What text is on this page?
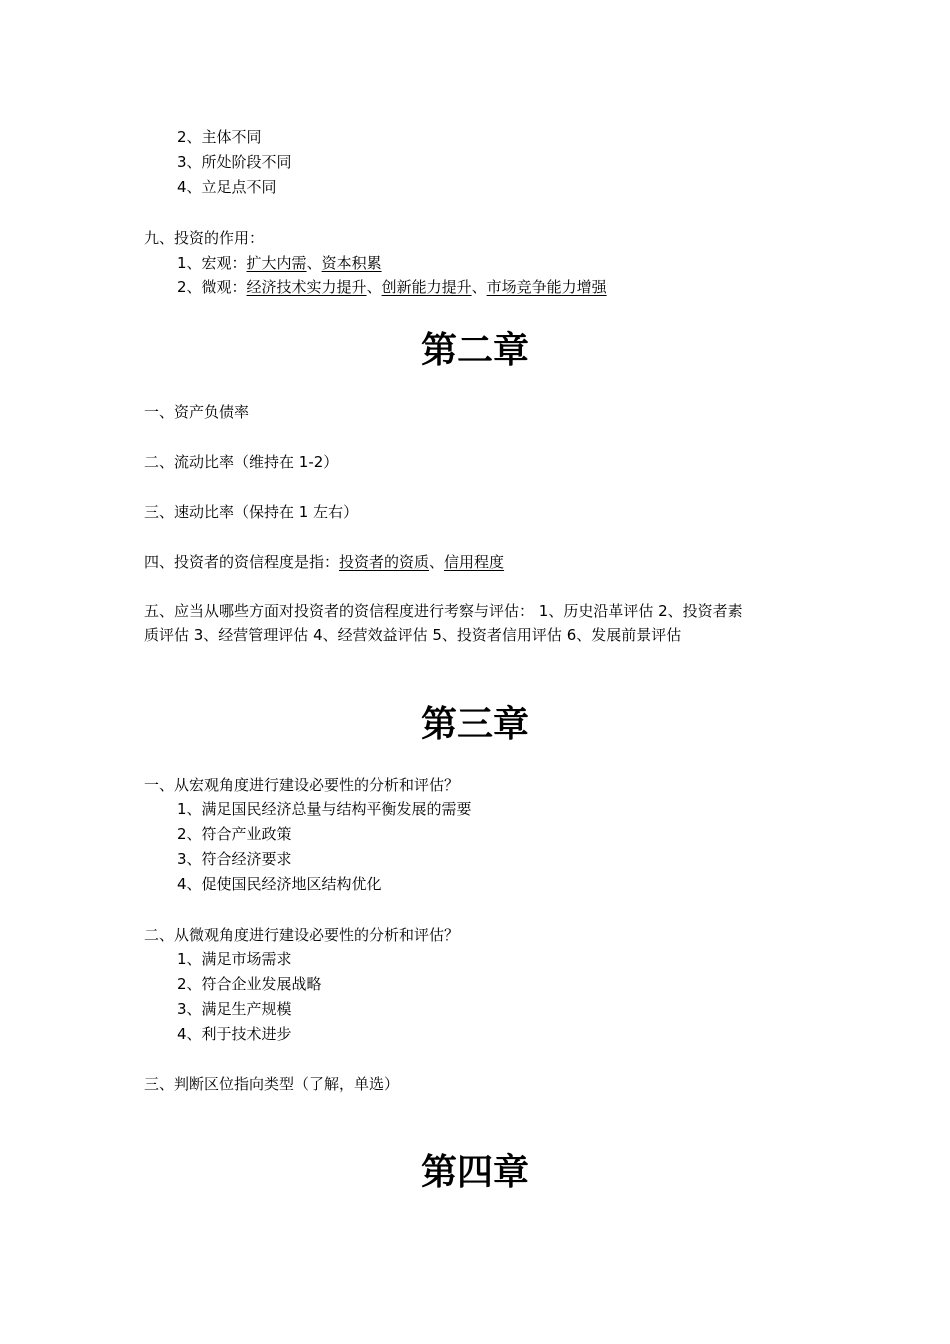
2、主体不同
3、所处阶段不同
4、立足点不同
九、投资的作用：
1、宏观：扩大内需、资本积累
2、微观：经济技术实力提升、创新能力提升、市场竞争能力增强
第二章
一、资产负债率
二、流动比率（维持在 1-2）
三、速动比率（保持在 1 左右）
四、投资者的资信程度是指：投资者的资质、信用程度
五、应当从哪些方面对投资者的资信程度进行考察与评估： 1、历史沿革评估 2、投资者素
质评估 3、经营管理评估 4、经营效益评估 5、投资者信用评估 6、发展前景评估
第三章
一、从宏观角度进行建设必要性的分析和评估？
1、满足国民经济总量与结构平衡发展的需要
2、符合产业政策
3、符合经济要求
4、促使国民经济地区结构优化
二、从微观角度进行建设必要性的分析和评估？
1、满足市场需求
2、符合企业发展战略
3、满足生产规模
4、利于技术进步
三、判断区位指向类型（了解，单选）
第四章
